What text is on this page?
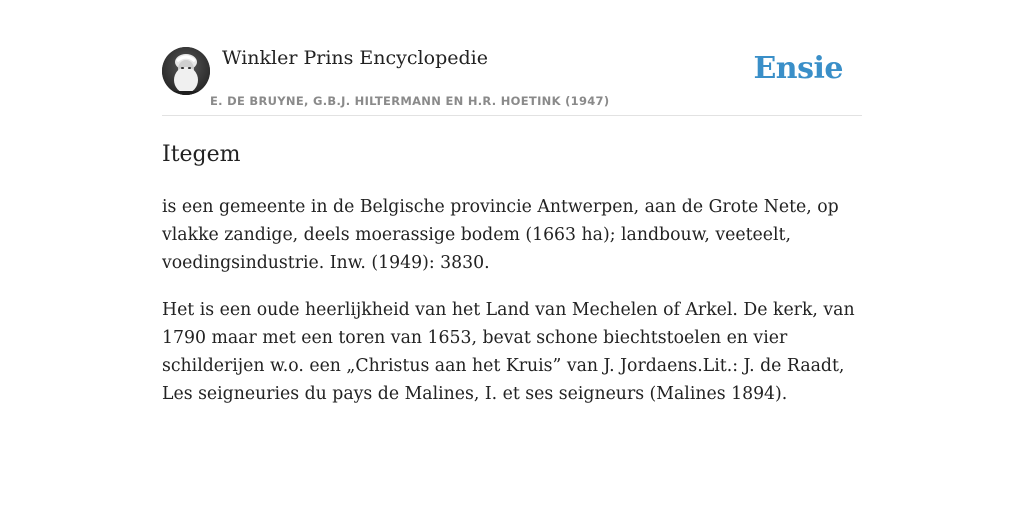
Winkler Prins Encyclopedie
E. DE BRUYNE, G.B.J. HILTERMANN EN H.R. HOETINK (1947)
Ensie
Itegem

is een gemeente in de Belgische provincie Antwerpen, aan de Grote Nete, op vlakke zandige, deels moerassige bodem (1663 ha); landbouw, veeteelt, voedingsindustrie. Inw. (1949): 3830.

Het is een oude heerlijkheid van het Land van Mechelen of Arkel. De kerk, van 1790 maar met een toren van 1653, bevat schone biechtstoelen en vier schilderijen w.o. een „Christus aan het Kruis” van J. Jordaens.Lit.: J. de Raadt, Les seigneuries du pays de Malines, I. et ses seigneurs (Malines 1894).
